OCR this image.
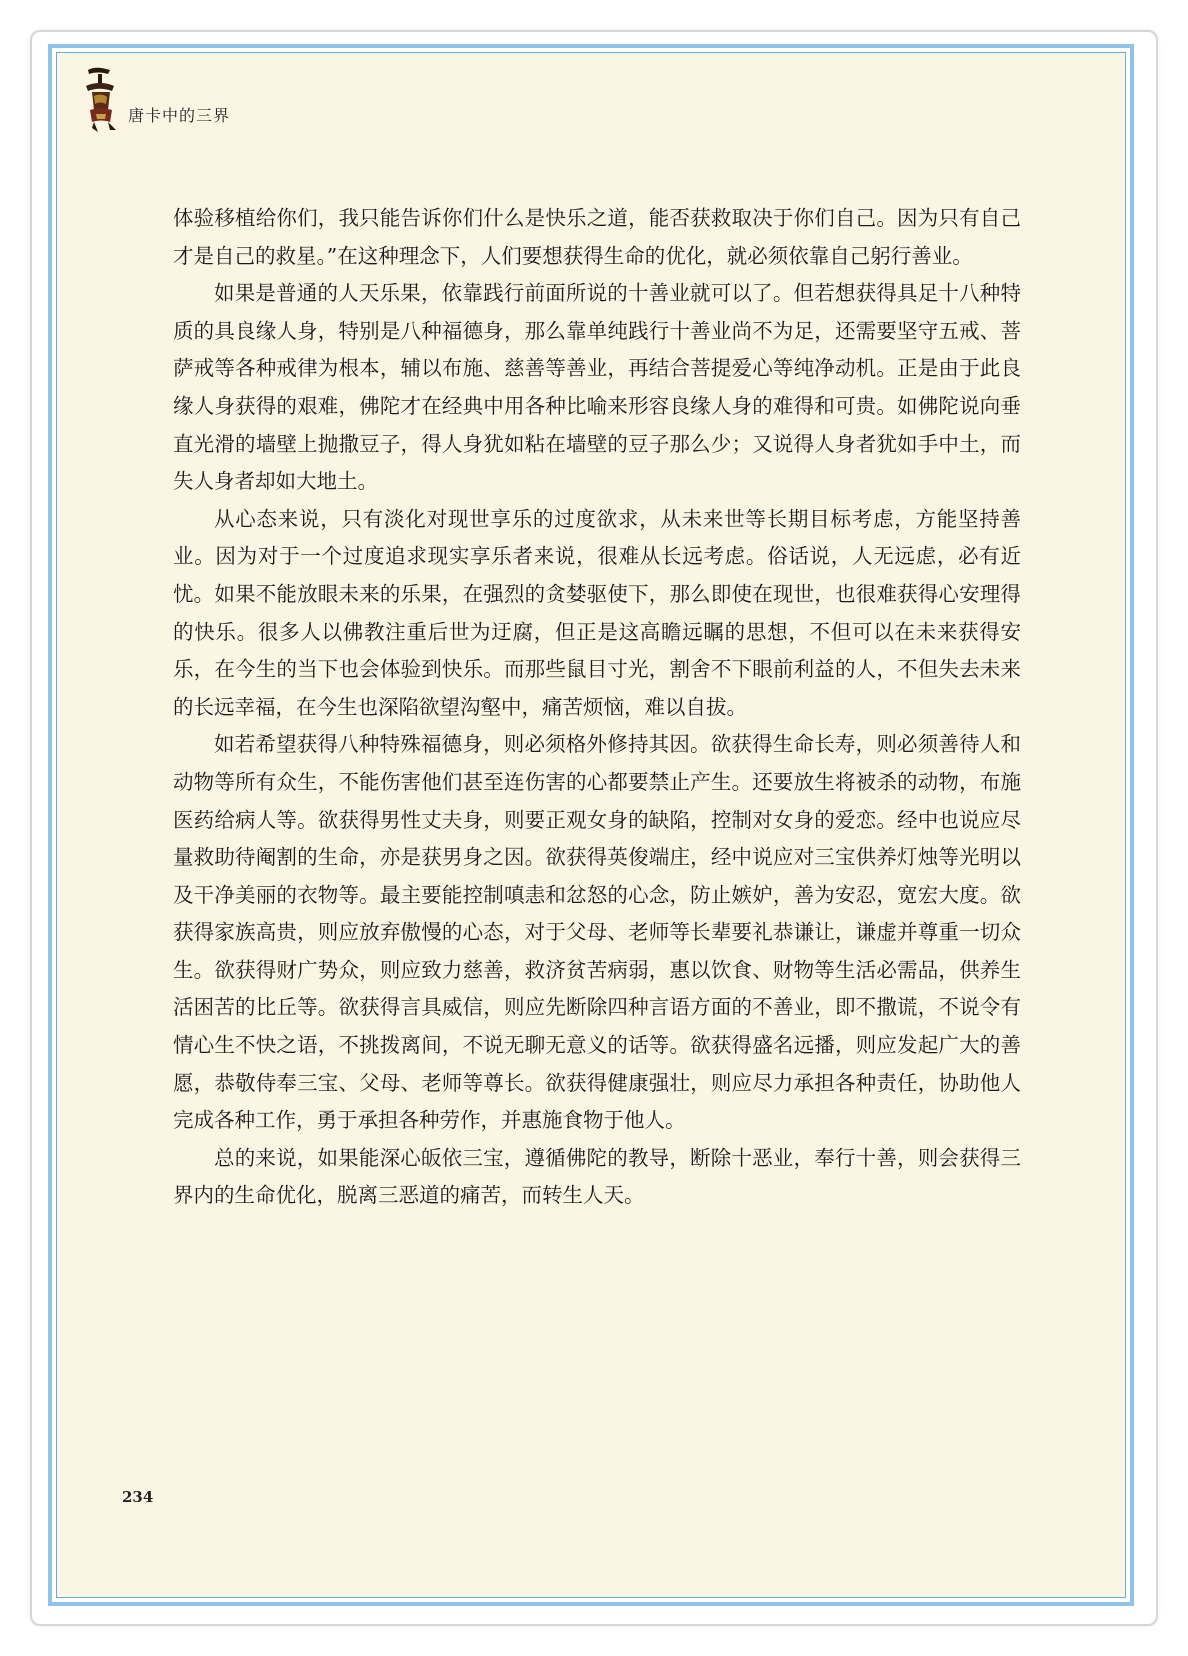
唐卡中的三界

体验移植给你们，我只能告诉你们什么是快乐之道，能否获救取决于你们自己。因为只有自己才是自己的救星。”在这种理念下，人们要想获得生命的优化，就必须依靠自己躬行善业。

如果是普通的人天乐果，依靠践行前面所说的十善业就可以了。但若想获得具足十八种特质的具良缘人身，特别是八种福德身，那么靠单纯践行十善业尚不为足，还需要坚守五戒、菩萨戒等各种戒律为根本，辅以布施、慈善等善业，再结合菩提爱心等纯净动机。正是由于此良缘人身获得的艰难，佛陀才在经典中用各种比喻来形容良缘人身的难得和可贵。如佛陀说向垂直光滑的墙壁上抛撒豆子，得人身犹如粘在墙壁的豆子那么少；又说得人身者犹如手中土，而失人身者却如大地土。

从心态来说，只有淡化对现世享乐的过度欲求，从未来世等长期目标考虑，方能坚持善业。因为对于一个过度追求现实享乐者来说，很难从长远考虑。俗话说，人无远虑，必有近忧。如果不能放眼未来的乐果，在强烈的贪婪驱使下，那么即使在现世，也很难获得心安理得的快乐。很多人以佛教注重后世为迂腐，但正是这高瞻远瞩的思想，不但可以在未来获得安乐，在今生的当下也会体验到快乐。而那些鼠目寸光，割舍不下眼前利益的人，不但失去未来的长远幸福，在今生也深陷欲望沟壑中，痛苦烦恼，难以自拔。

如若希望获得八种特殊福德身，则必须格外修持其因。欲获得生命长寿，则必须善待人和动物等所有众生，不能伤害他们甚至连伤害的心都要禁止产生。还要放生将被杀的动物，布施医药给病人等。欲获得男性丈夫身，则要正观女身的缺陷，控制对女身的爱恋。经中也说应尽量救助待阉割的生命，亦是获男身之因。欲获得英俊端庄，经中说应对三宝供养灯烛等光明以及干净美丽的衣物等。最主要能控制嗔恚和忿怒的心念，防止嫉妒，善为安忍，宽宏大度。欲获得家族高贵，则应放弃傲慢的心态，对于父母、老师等长辈要礼恭谦让，谦虚并尊重一切众生。欲获得财广势众，则应致力慈善，救济贫苦病弱，惠以饮食、财物等生活必需品，供养生活困苦的比丘等。欲获得言具威信，则应先断除四种言语方面的不善业，即不撒谎，不说令有情心生不快之语，不挑拨离间，不说无聊无意义的话等。欲获得盛名远播，则应发起广大的善愿，恭敬侍奉三宝、父母、老师等尊长。欲获得健康强壮，则应尽力承担各种责任，协助他人完成各种工作，勇于承担各种劳作，并惠施食物于他人。

总的来说，如果能深心皈依三宝，遵循佛陀的教导，断除十恶业，奉行十善，则会获得三界内的生命优化，脱离三恶道的痛苦，而转生人天。

234
